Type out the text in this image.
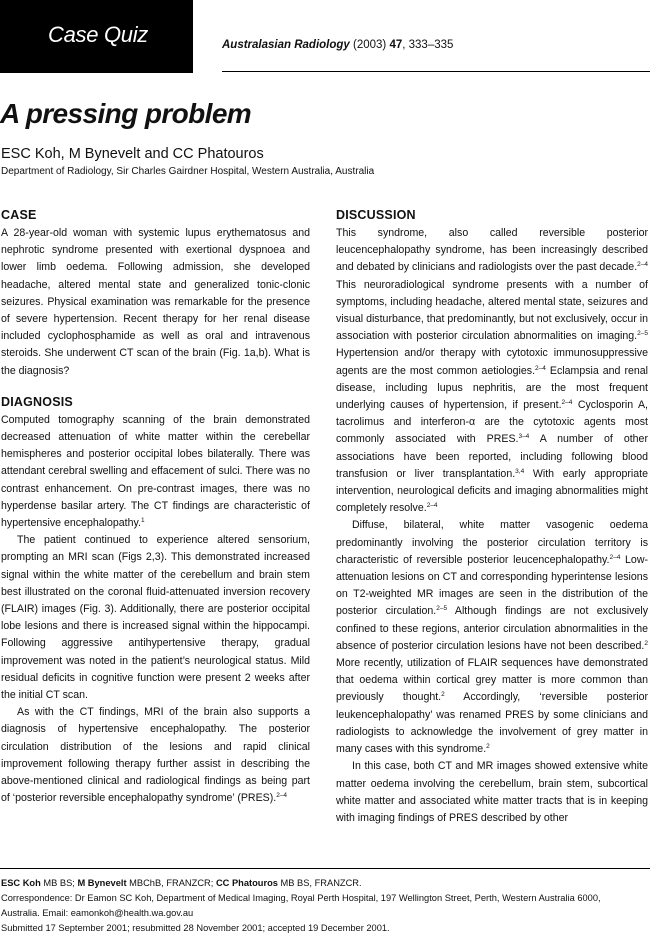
Case Quiz	Australasian Radiology (2003) 47, 333–335
A pressing problem

ESC Koh, M Bynevelt and CC Phatouros

Department of Radiology, Sir Charles Gairdner Hospital, Western Australia, Australia

CASE

A 28-year-old woman with systemic lupus erythematosus and nephrotic syndrome presented with exertional dyspnoea and lower limb oedema. Following admission, she developed headache, altered mental state and generalized tonic-clonic seizures. Physical examination was remarkable for the presence of severe hypertension. Recent therapy for her renal disease included cyclophosphamide as well as oral and intravenous steroids. She underwent CT scan of the brain (Fig. 1a,b). What is the diagnosis?

DIAGNOSIS

Computed tomography scanning of the brain demonstrated decreased attenuation of white matter within the cerebellar hemispheres and posterior occipital lobes bilaterally. There was attendant cerebral swelling and effacement of sulci. There was no contrast enhancement. On pre-contrast images, there was no hyperdense basilar artery. The CT findings are characteristic of hypertensive encephalopathy.$^1$

The patient continued to experience altered sensorium, prompting an MRI scan (Figs 2,3). This demonstrated increased signal within the white matter of the cerebellum and brain stem best illustrated on the coronal fluid-attenuated inversion recovery (FLAIR) images (Fig. 3). Additionally, there are posterior occipital lobe lesions and there is increased signal within the hippocampi. Following aggressive antihypertensive therapy, gradual improvement was noted in the patient’s neurological status. Mild residual deficits in cognitive function were present 2 weeks after the initial CT scan.

As with the CT findings, MRI of the brain also supports a diagnosis of hypertensive encephalopathy. The posterior circulation distribution of the lesions and rapid clinical improvement following therapy further assist in describing the above-mentioned clinical and radiological findings as being part of ‘posterior reversible encephalopathy syndrome’ (PRES).$^{2-4}$

DISCUSSION

This syndrome, also called reversible posterior leucencephalopathy syndrome, has been increasingly described and debated by clinicians and radiologists over the past decade.$^{2-4}$ This neuroradiological syndrome presents with a number of symptoms, including headache, altered mental state, seizures and visual disturbance, that predominantly, but not exclusively, occur in association with posterior circulation abnormalities on imaging.$^{2-5}$ Hypertension and/or therapy with cytotoxic immunosuppressive agents are the most common aetiologies.$^{2-4}$ Eclampsia and renal disease, including lupus nephritis, are the most frequent underlying causes of hypertension, if present.$^{2-4}$ Cyclosporin A, tacrolimus and interferon-α are the cytotoxic agents most commonly associated with PRES.$^{3-4}$ A number of other associations have been reported, including following blood transfusion or liver transplantation.$^{3,4}$ With early appropriate intervention, neurological deficits and imaging abnormalities might completely resolve.$^{2-4}$

Diffuse, bilateral, white matter vasogenic oedema predominantly involving the posterior circulation territory is characteristic of reversible posterior leucencephalopathy.$^{2-4}$ Low-attenuation lesions on CT and corresponding hyperintense lesions on T2-weighted MR images are seen in the distribution of the posterior circulation.$^{2-5}$ Although findings are not exclusively confined to these regions, anterior circulation abnormalities in the absence of posterior circulation lesions have not been described.$^2$ More recently, utilization of FLAIR sequences have demonstrated that oedema within cortical grey matter is more common than previously thought.$^2$ Accordingly, ‘reversible posterior leukencephalopathy’ was renamed PRES by some clinicians and radiologists to acknowledge the involvement of grey matter in many cases with this syndrome.$^2$

In this case, both CT and MR images showed extensive white matter oedema involving the cerebellum, brain stem, subcortical white matter and associated white matter tracts that is in keeping with imaging findings of PRES described by other

ESC Koh MB BS; M Bynevelt MBChB, FRANZCR; CC Phatouros MB BS, FRANZCR.
Correspondence: Dr Eamon SC Koh, Department of Medical Imaging, Royal Perth Hospital, 197 Wellington Street, Perth, Western Australia 6000,
Australia. Email: eamonkoh@health.wa.gov.au
Submitted 17 September 2001; resubmitted 28 November 2001; accepted 19 December 2001.
